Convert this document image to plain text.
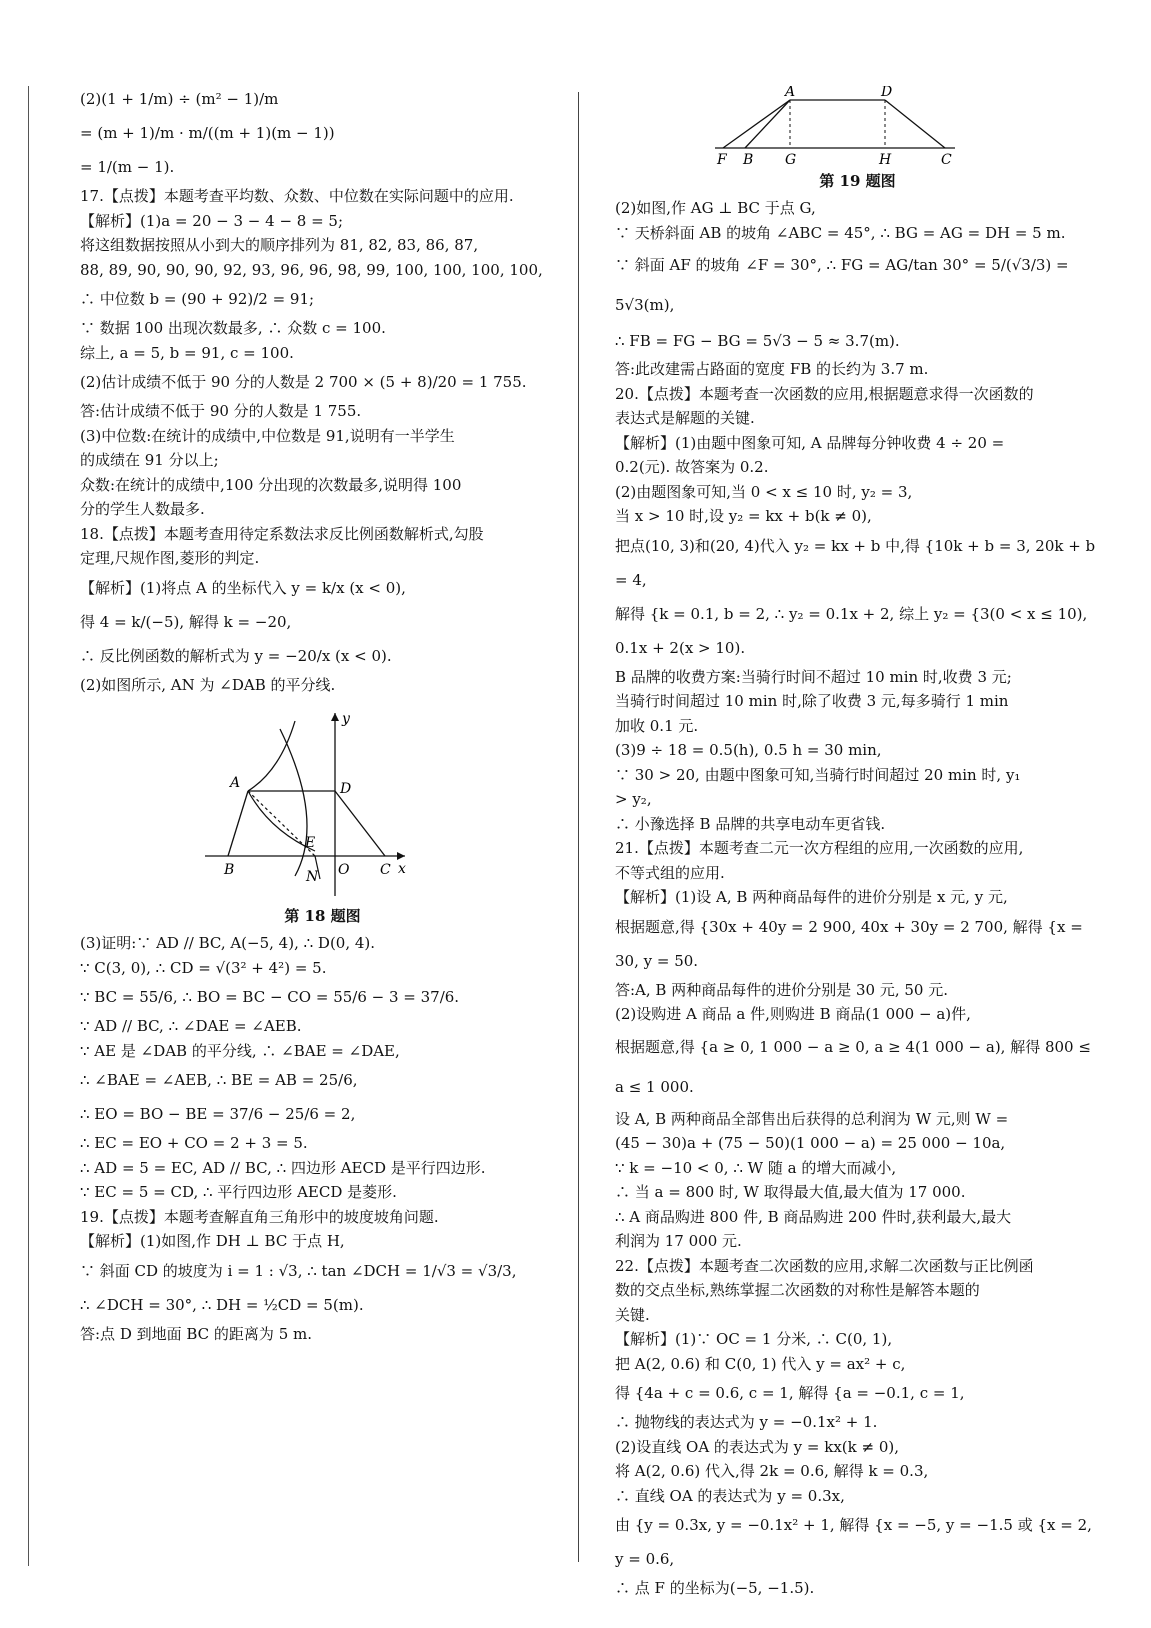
(2)(1 + 1/m) ÷ (m² − 1)/m
= (m + 1)/m · m/((m + 1)(m − 1))
= 1/(m − 1).
17.【点拨】本题考查平均数、众数、中位数在实际问题中的应用.
【解析】(1)a = 20 − 3 − 4 − 8 = 5;
将这组数据按照从小到大的顺序排列为 81, 82, 83, 86, 87,
88, 89, 90, 90, 90, 92, 93, 96, 96, 98, 99, 100, 100, 100, 100,
∴ 中位数 b = (90 + 92)/2 = 91;
∵ 数据 100 出现次数最多, ∴ 众数 c = 100.
综上, a = 5, b = 91, c = 100.
(2)估计成绩不低于 90 分的人数是 2 700 × (5 + 8)/20 = 1 755.
答:估计成绩不低于 90 分的人数是 1 755.
(3)中位数:在统计的成绩中,中位数是 91,说明有一半学生
的成绩在 91 分以上;
众数:在统计的成绩中,100 分出现的次数最多,说明得 100
分的学生人数最多.
18.【点拨】本题考查用待定系数法求反比例函数解析式,勾股
定理,尺规作图,菱形的判定.
【解析】(1)将点 A 的坐标代入 y = k/x (x < 0),
得 4 = k/(−5), 解得 k = −20,
∴ 反比例函数的解析式为 y = −20/x (x < 0).
(2)如图所示, AN 为 ∠DAB 的平分线.
y
A	D
E
B	O C x
N
第 18 题图
(3)证明:∵ AD // BC, A(−5, 4), ∴ D(0, 4).
∵ C(3, 0), ∴ CD = √(3² + 4²) = 5.
∵ BC = 55/6, ∴ BO = BC − CO = 55/6 − 3 = 37/6.
∵ AD // BC, ∴ ∠DAE = ∠AEB.
∵ AE 是 ∠DAB 的平分线, ∴ ∠BAE = ∠DAE,
∴ ∠BAE = ∠AEB, ∴ BE = AB = 25/6,
∴ EO = BO − BE = 37/6 − 25/6 = 2,
∴ EC = EO + CO = 2 + 3 = 5.
∴ AD = 5 = EC, AD // BC, ∴ 四边形 AECD 是平行四边形.
∵ EC = 5 = CD, ∴ 平行四边形 AECD 是菱形.
19.【点拨】本题考查解直角三角形中的坡度坡角问题.
【解析】(1)如图,作 DH ⊥ BC 于点 H,
∵ 斜面 CD 的坡度为 i = 1 : √3, ∴ tan ∠DCH = 1/√3 = √3/3,
∴ ∠DCH = 30°, ∴ DH = ½CD = 5(m).
答:点 D 到地面 BC 的距离为 5 m.
A	D
F B G	H	C
第 19 题图
(2)如图,作 AG ⊥ BC 于点 G,
∵ 天桥斜面 AB 的坡角 ∠ABC = 45°, ∴ BG = AG = DH = 5 m.
∵ 斜面 AF 的坡角 ∠F = 30°, ∴ FG = AG/tan 30° = 5/(√3/3) = 5√3(m),
∴ FB = FG − BG = 5√3 − 5 ≈ 3.7(m).
答:此改建需占路面的宽度 FB 的长约为 3.7 m.
20.【点拨】本题考查一次函数的应用,根据题意求得一次函数的
表达式是解题的关键.
【解析】(1)由题中图象可知, A 品牌每分钟收费 4 ÷ 20 =
0.2(元). 故答案为 0.2.
(2)由题图象可知,当 0 < x ≤ 10 时, y₂ = 3,
当 x > 10 时,设 y₂ = kx + b(k ≠ 0),
把点(10, 3)和(20, 4)代入 y₂ = kx + b 中,得 {10k + b = 3, 20k + b = 4,
解得 {k = 0.1, b = 2, ∴ y₂ = 0.1x + 2, 综上 y₂ = {3(0 < x ≤ 10), 0.1x + 2(x > 10).
B 品牌的收费方案:当骑行时间不超过 10 min 时,收费 3 元;
当骑行时间超过 10 min 时,除了收费 3 元,每多骑行 1 min
加收 0.1 元.
(3)9 ÷ 18 = 0.5(h), 0.5 h = 30 min,
∵ 30 > 20, 由题中图象可知,当骑行时间超过 20 min 时, y₁
> y₂,
∴ 小豫选择 B 品牌的共享电动车更省钱.
21.【点拨】本题考查二元一次方程组的应用,一次函数的应用,
不等式组的应用.
【解析】(1)设 A, B 两种商品每件的进价分别是 x 元, y 元,
根据题意,得 {30x + 40y = 2 900, 40x + 30y = 2 700, 解得 {x = 30, y = 50.
答:A, B 两种商品每件的进价分别是 30 元, 50 元.
(2)设购进 A 商品 a 件,则购进 B 商品(1 000 − a)件,
根据题意,得 {a ≥ 0, 1 000 − a ≥ 0, a ≥ 4(1 000 − a), 解得 800 ≤ a ≤ 1 000.
设 A, B 两种商品全部售出后获得的总利润为 W 元,则 W =
(45 − 30)a + (75 − 50)(1 000 − a) = 25 000 − 10a,
∵ k = −10 < 0, ∴ W 随 a 的增大而减小,
∴ 当 a = 800 时, W 取得最大值,最大值为 17 000.
∴ A 商品购进 800 件, B 商品购进 200 件时,获利最大,最大
利润为 17 000 元.
22.【点拨】本题考查二次函数的应用,求解二次函数与正比例函
数的交点坐标,熟练掌握二次函数的对称性是解答本题的
关键.
【解析】(1)∵ OC = 1 分米, ∴ C(0, 1),
把 A(2, 0.6) 和 C(0, 1) 代入 y = ax² + c,
得 {4a + c = 0.6, c = 1, 解得 {a = −0.1, c = 1,
∴ 抛物线的表达式为 y = −0.1x² + 1.
(2)设直线 OA 的表达式为 y = kx(k ≠ 0),
将 A(2, 0.6) 代入,得 2k = 0.6, 解得 k = 0.3,
∴ 直线 OA 的表达式为 y = 0.3x,
由 {y = 0.3x, y = −0.1x² + 1, 解得 {x = −5, y = −1.5 或 {x = 2, y = 0.6,
∴ 点 F 的坐标为(−5, −1.5).
